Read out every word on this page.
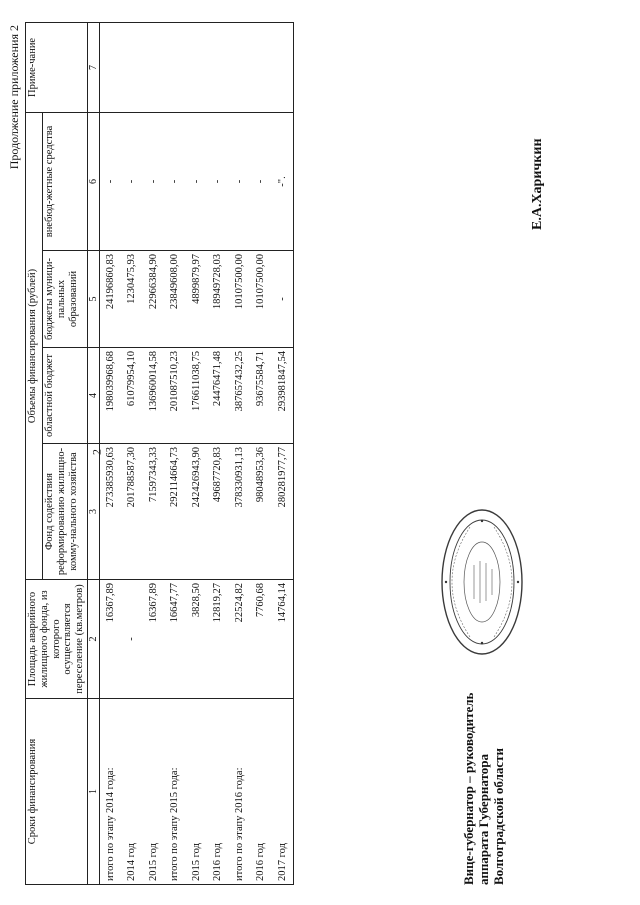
2
Продолжение приложения 2
Сроки финансирования	Площадь аварийного жилищного фонда, из которого осуществляется переселение (кв.метров)	Объемы финансирования (рублей)				Приме-чание
		Фонд содействия реформированию жилищно-комму-нального хозяйства	областной бюджет	бюджеты муници-пальных образований	внебюд-жетные средства	
1	2	3	4	5	6	7
итого по этапу 2014 года:	16367,89	273385930,63	198039968,68	24196860,83	-	
2014 год	-	201788587,30	61079954,10	1230475,93	-	
2015 год	16367,89	71597343,33	136960014,58	22966384,90	-	
итого по этапу 2015 года:	16647,77	292114664,73	201087510,23	23849608,00	-	
2015 год	3828,50	242426943,90	176611038,75	4899879,97	-	
2016 год	12819,27	49687720,83	24476471,48	18949728,03	-	
итого по этапу 2016 года:	22524,82	378330931,13	387657432,25	10107500,00	-	
2016 год	7760,68	98048953,36	93675584,71	10107500,00	-	
2017 год	14764,14	280281977,77	293981847,54	-	-".	
Вице-губернатор – руководитель аппарата Губернатора Волгоградской области
Е.А.Харичкин
